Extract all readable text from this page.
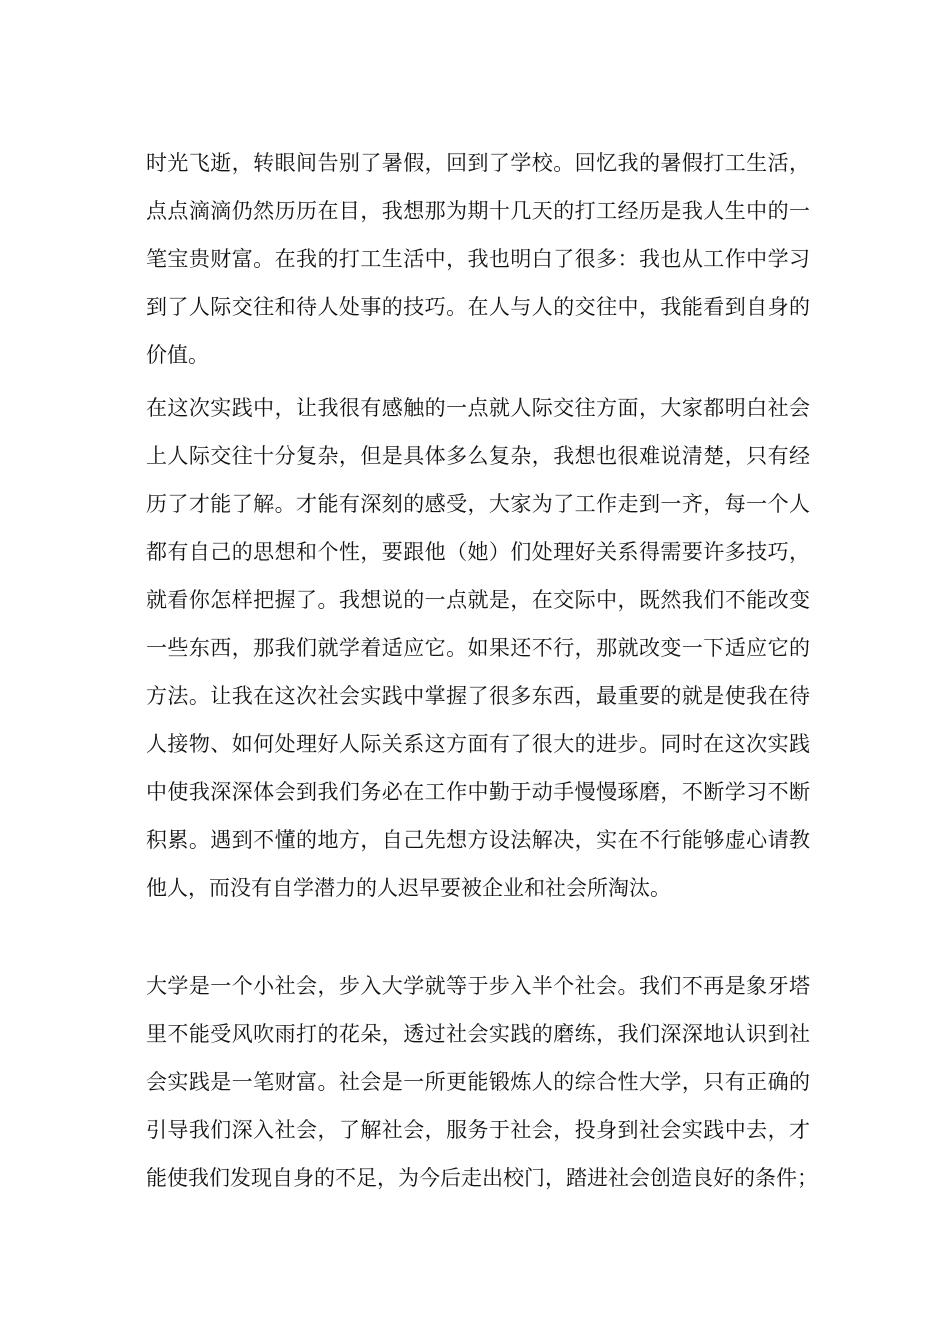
时光飞逝，转眼间告别了暑假，回到了学校。回忆我的暑假打工生活，
点点滴滴仍然历历在目，我想那为期十几天的打工经历是我人生中的一
笔宝贵财富。在我的打工生活中，我也明白了很多：我也从工作中学习
到了人际交往和待人处事的技巧。在人与人的交往中，我能看到自身的
价值。
在这次实践中，让我很有感触的一点就人际交往方面，大家都明白社会
上人际交往十分复杂，但是具体多么复杂，我想也很难说清楚，只有经
历了才能了解。才能有深刻的感受，大家为了工作走到一齐，每一个人
都有自己的思想和个性，要跟他（她）们处理好关系得需要许多技巧，
就看你怎样把握了。我想说的一点就是，在交际中，既然我们不能改变
一些东西，那我们就学着适应它。如果还不行，那就改变一下适应它的
方法。让我在这次社会实践中掌握了很多东西，最重要的就是使我在待
人接物、如何处理好人际关系这方面有了很大的进步。同时在这次实践
中使我深深体会到我们务必在工作中勤于动手慢慢琢磨，不断学习不断
积累。遇到不懂的地方，自己先想方设法解决，实在不行能够虚心请教
他人，而没有自学潜力的人迟早要被企业和社会所淘汰。
大学是一个小社会，步入大学就等于步入半个社会。我们不再是象牙塔
里不能受风吹雨打的花朵，透过社会实践的磨练，我们深深地认识到社
会实践是一笔财富。社会是一所更能锻炼人的综合性大学，只有正确的
引导我们深入社会，了解社会，服务于社会，投身到社会实践中去，才
能使我们发现自身的不足，为今后走出校门，踏进社会创造良好的条件；
